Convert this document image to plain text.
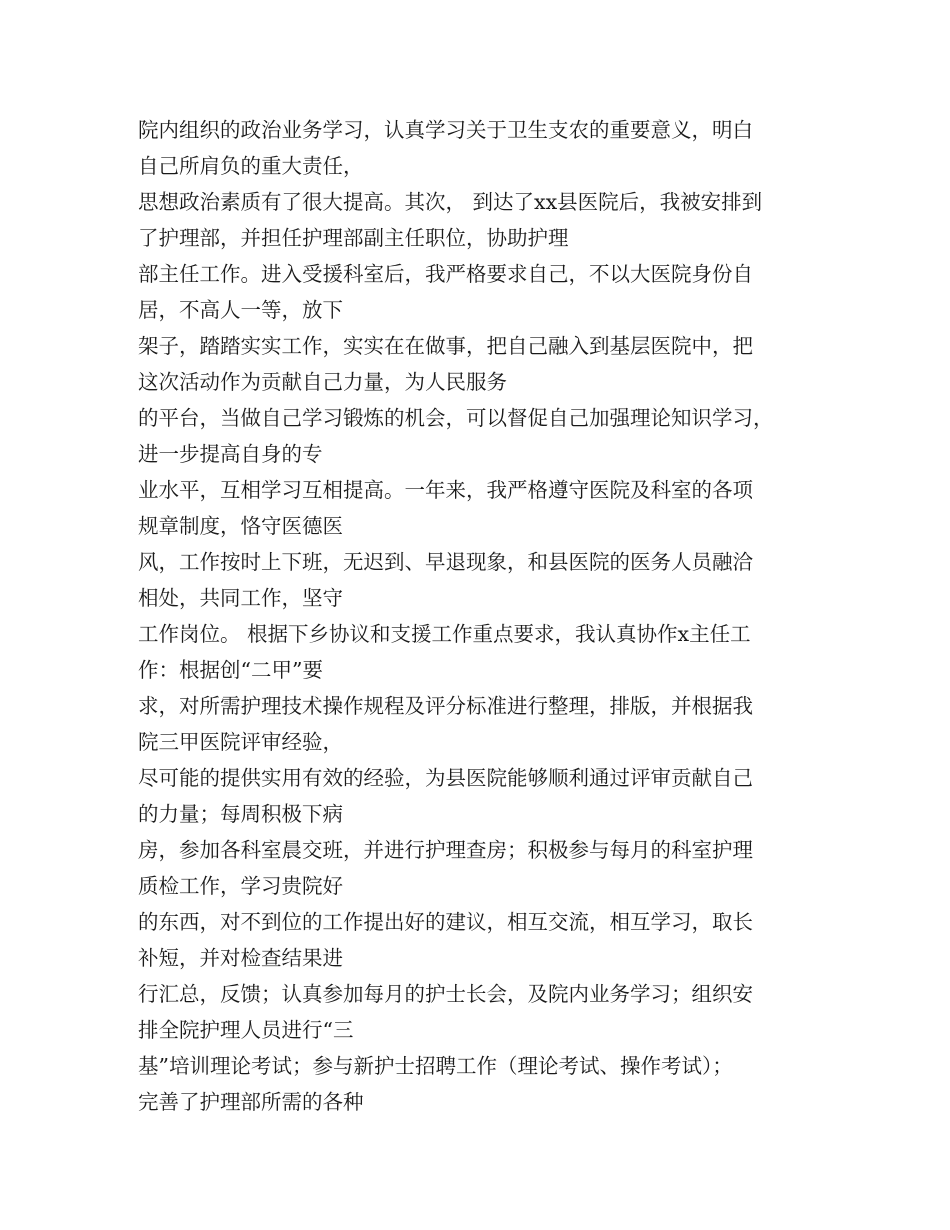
院内组织的政治业务学习，认真学习关于卫生支农的重要意义，明白
自己所肩负的重大责任，
思想政治素质有了很大提高。其次， 到达了xx县医院后，我被安排到
了护理部，并担任护理部副主任职位，协助护理
部主任工作。进入受援科室后，我严格要求自己，不以大医院身份自
居，不高人一等，放下
架子，踏踏实实工作，实实在在做事，把自己融入到基层医院中，把
这次活动作为贡献自己力量，为人民服务
的平台，当做自己学习锻炼的机会，可以督促自己加强理论知识学习，
进一步提高自身的专
业水平，互相学习互相提高。一年来，我严格遵守医院及科室的各项
规章制度，恪守医德医
风，工作按时上下班，无迟到、早退现象，和县医院的医务人员融洽
相处，共同工作，坚守
工作岗位。 根据下乡协议和支援工作重点要求，我认真协作x主任工
作：根据创“二甲”要
求，对所需护理技术操作规程及评分标准进行整理，排版，并根据我
院三甲医院评审经验，
尽可能的提供实用有效的经验，为县医院能够顺利通过评审贡献自己
的力量；每周积极下病
房，参加各科室晨交班，并进行护理查房；积极参与每月的科室护理
质检工作，学习贵院好
的东西，对不到位的工作提出好的建议，相互交流，相互学习，取长
补短，并对检查结果进
行汇总，反馈；认真参加每月的护士长会，及院内业务学习；组织安
排全院护理人员进行“三
基”培训理论考试；参与新护士招聘工作（理论考试、操作考试）；
完善了护理部所需的各种
